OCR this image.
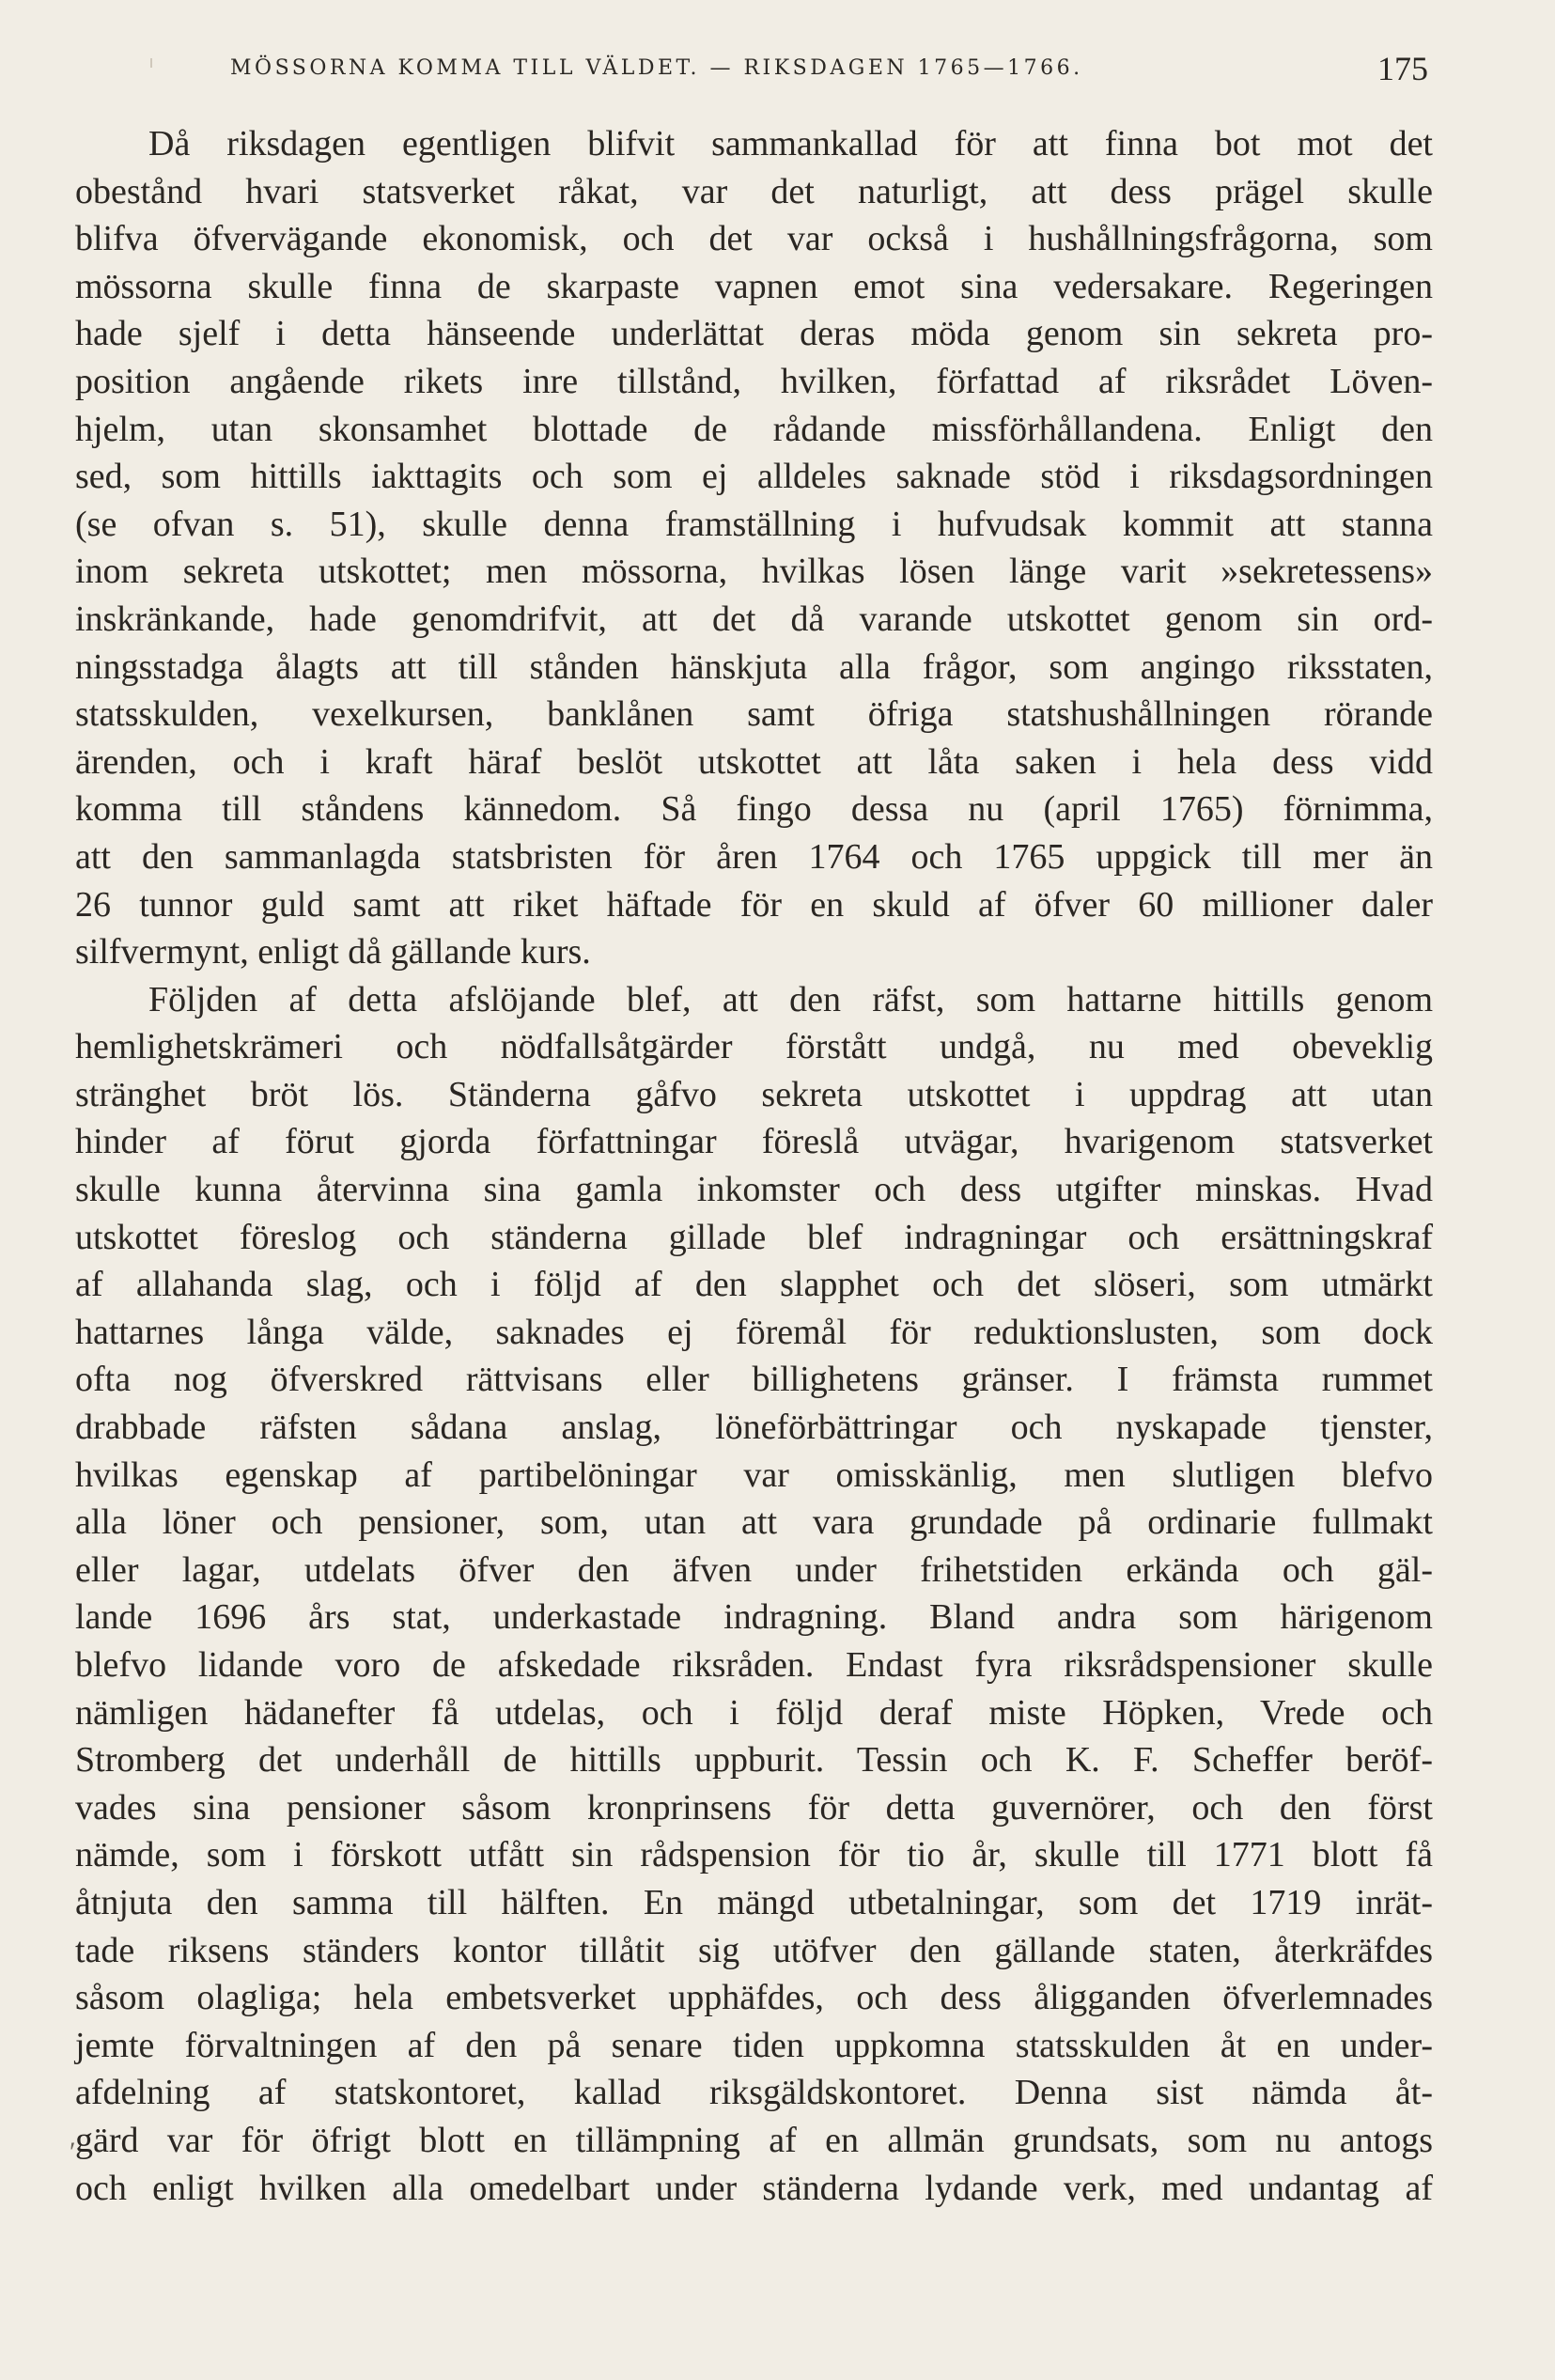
MÖSSORNA KOMMA TILL VÄLDET. — RIKSDAGEN 1765—1766.	175
Då riksdagen egentligen blifvit sammankallad för att finna bot mot det
obestånd hvari statsverket råkat, var det naturligt, att dess prägel skulle
blifva öfvervägande ekonomisk, och det var också i hushållningsfrågorna, som
mössorna skulle finna de skarpaste vapnen emot sina vedersakare. Regeringen
hade sjelf i detta hänseende underlättat deras möda genom sin sekreta pro-
position angående rikets inre tillstånd, hvilken, författad af riksrådet Löven-
hjelm, utan skonsamhet blottade de rådande missförhållandena. Enligt den
sed, som hittills iakttagits och som ej alldeles saknade stöd i riksdagsordningen
(se ofvan s. 51), skulle denna framställning i hufvudsak kommit att stanna
inom sekreta utskottet; men mössorna, hvilkas lösen länge varit »sekretessens»
inskränkande, hade genomdrifvit, att det då varande utskottet genom sin ord-
ningsstadga ålagts att till stånden hänskjuta alla frågor, som angingo riksstaten,
statsskulden, vexelkursen, banklånen samt öfriga statshushållningen rörande
ärenden, och i kraft häraf beslöt utskottet att låta saken i hela dess vidd
komma till ståndens kännedom. Så fingo dessa nu (april 1765) förnimma,
att den sammanlagda statsbristen för åren 1764 och 1765 uppgick till mer än
26 tunnor guld samt att riket häftade för en skuld af öfver 60 millioner daler
silfvermynt, enligt då gällande kurs.
Följden af detta afslöjande blef, att den räfst, som hattarne hittills genom
hemlighetskrämeri och nödfallsåtgärder förstått undgå, nu med obeveklig
stränghet bröt lös. Ständerna gåfvo sekreta utskottet i uppdrag att utan
hinder af förut gjorda författningar föreslå utvägar, hvarigenom statsverket
skulle kunna återvinna sina gamla inkomster och dess utgifter minskas. Hvad
utskottet föreslog och ständerna gillade blef indragningar och ersättningskraf
af allahanda slag, och i följd af den slapphet och det slöseri, som utmärkt
hattarnes långa välde, saknades ej föremål för reduktionslusten, som dock
ofta nog öfverskred rättvisans eller billighetens gränser. I främsta rummet
drabbade räfsten sådana anslag, löneförbättringar och nyskapade tjenster,
hvilkas egenskap af partibelöningar var omisskänlig, men slutligen blefvo
alla löner och pensioner, som, utan att vara grundade på ordinarie fullmakt
eller lagar, utdelats öfver den äfven under frihetstiden erkända och gäl-
lande 1696 års stat, underkastade indragning. Bland andra som härigenom
blefvo lidande voro de afskedade riksråden. Endast fyra riksrådspensioner skulle
nämligen hädanefter få utdelas, och i följd deraf miste Höpken, Vrede och
Stromberg det underhåll de hittills uppburit. Tessin och K. F. Scheffer beröf-
vades sina pensioner såsom kronprinsens för detta guvernörer, och den först
nämde, som i förskott utfått sin rådspension för tio år, skulle till 1771 blott få
åtnjuta den samma till hälften. En mängd utbetalningar, som det 1719 inrät-
tade riksens ständers kontor tillåtit sig utöfver den gällande staten, återkräfdes
såsom olagliga; hela embetsverket upphäfdes, och dess åligganden öfverlemnades
jemte förvaltningen af den på senare tiden uppkomna statsskulden åt en under-
afdelning af statskontoret, kallad riksgäldskontoret. Denna sist nämda åt-
gärd var för öfrigt blott en tillämpning af en allmän grundsats, som nu antogs
och enligt hvilken alla omedelbart under ständerna lydande verk, med undantag af
′
